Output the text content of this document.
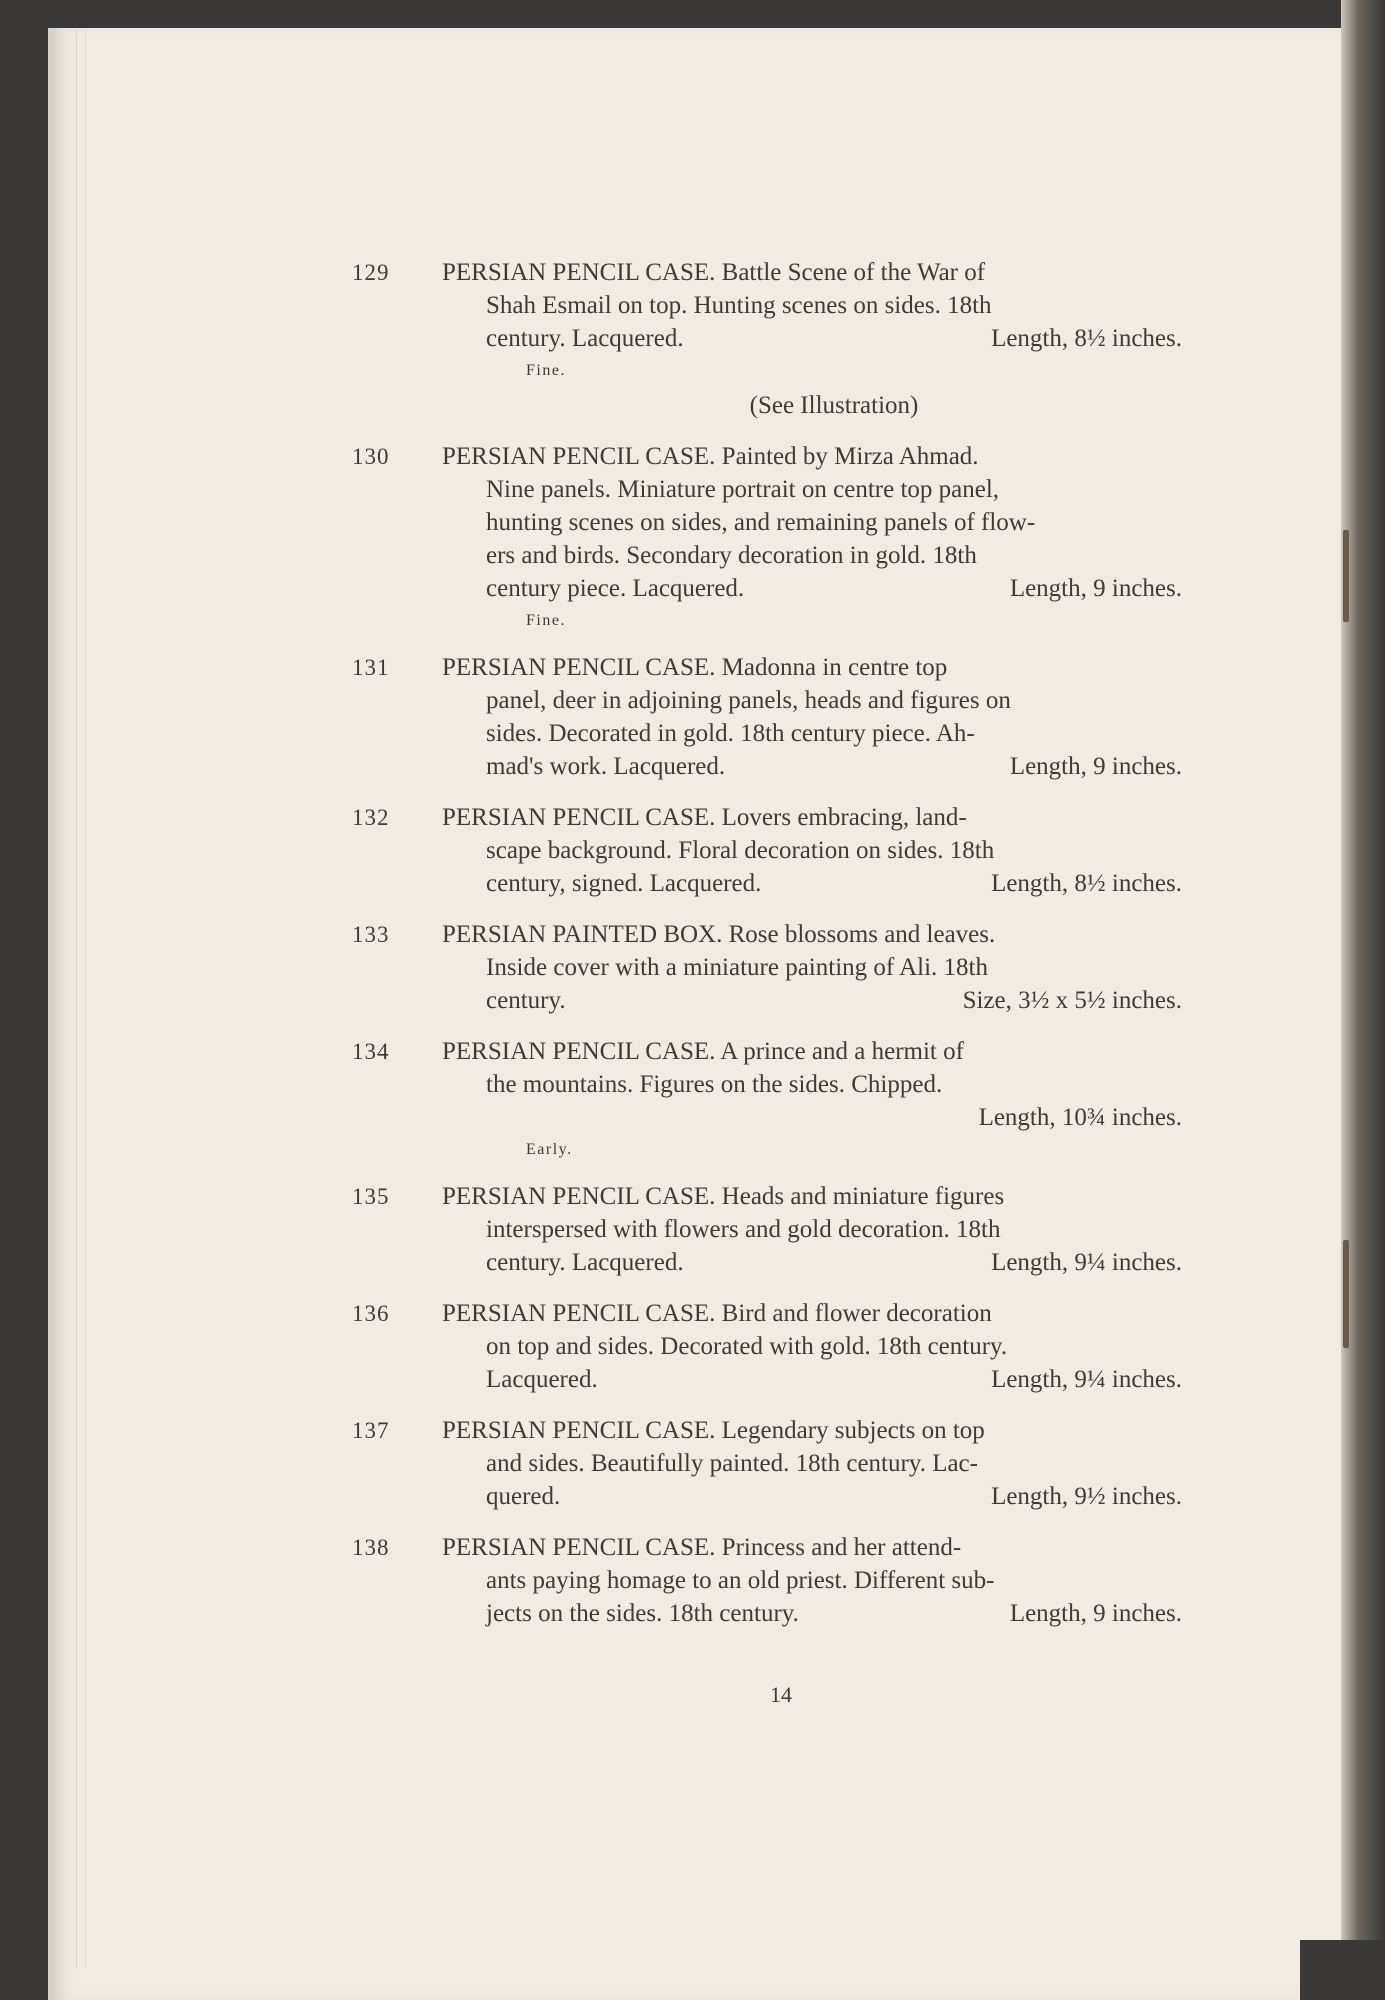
129	PERSIAN PENCIL CASE. Battle Scene of the War of
Shah Esmail on top. Hunting scenes on sides. 18th
century. Lacquered.	Length, 8½ inches.
Fine.
(See Illustration)
130	PERSIAN PENCIL CASE. Painted by Mirza Ahmad.
Nine panels. Miniature portrait on centre top panel,
hunting scenes on sides, and remaining panels of flow-
ers and birds. Secondary decoration in gold. 18th
century piece. Lacquered.	Length, 9 inches.
Fine.
131	PERSIAN PENCIL CASE. Madonna in centre top
panel, deer in adjoining panels, heads and figures on
sides. Decorated in gold. 18th century piece. Ah-
mad's work. Lacquered.	Length, 9 inches.
132	PERSIAN PENCIL CASE. Lovers embracing, land-
scape background. Floral decoration on sides. 18th
century, signed. Lacquered.	Length, 8½ inches.
133	PERSIAN PAINTED BOX. Rose blossoms and leaves.
Inside cover with a miniature painting of Ali. 18th
century.	Size, 3½ x 5½ inches.
134	PERSIAN PENCIL CASE. A prince and a hermit of
the mountains. Figures on the sides. Chipped.
Length, 10¾ inches.
Early.
135	PERSIAN PENCIL CASE. Heads and miniature figures
interspersed with flowers and gold decoration. 18th
century. Lacquered.	Length, 9¼ inches.
136	PERSIAN PENCIL CASE. Bird and flower decoration
on top and sides. Decorated with gold. 18th century.
Lacquered.	Length, 9¼ inches.
137	PERSIAN PENCIL CASE. Legendary subjects on top
and sides. Beautifully painted. 18th century. Lac-
quered.	Length, 9½ inches.
138	PERSIAN PENCIL CASE. Princess and her attend-
ants paying homage to an old priest. Different sub-
jects on the sides. 18th century.	Length, 9 inches.
14
